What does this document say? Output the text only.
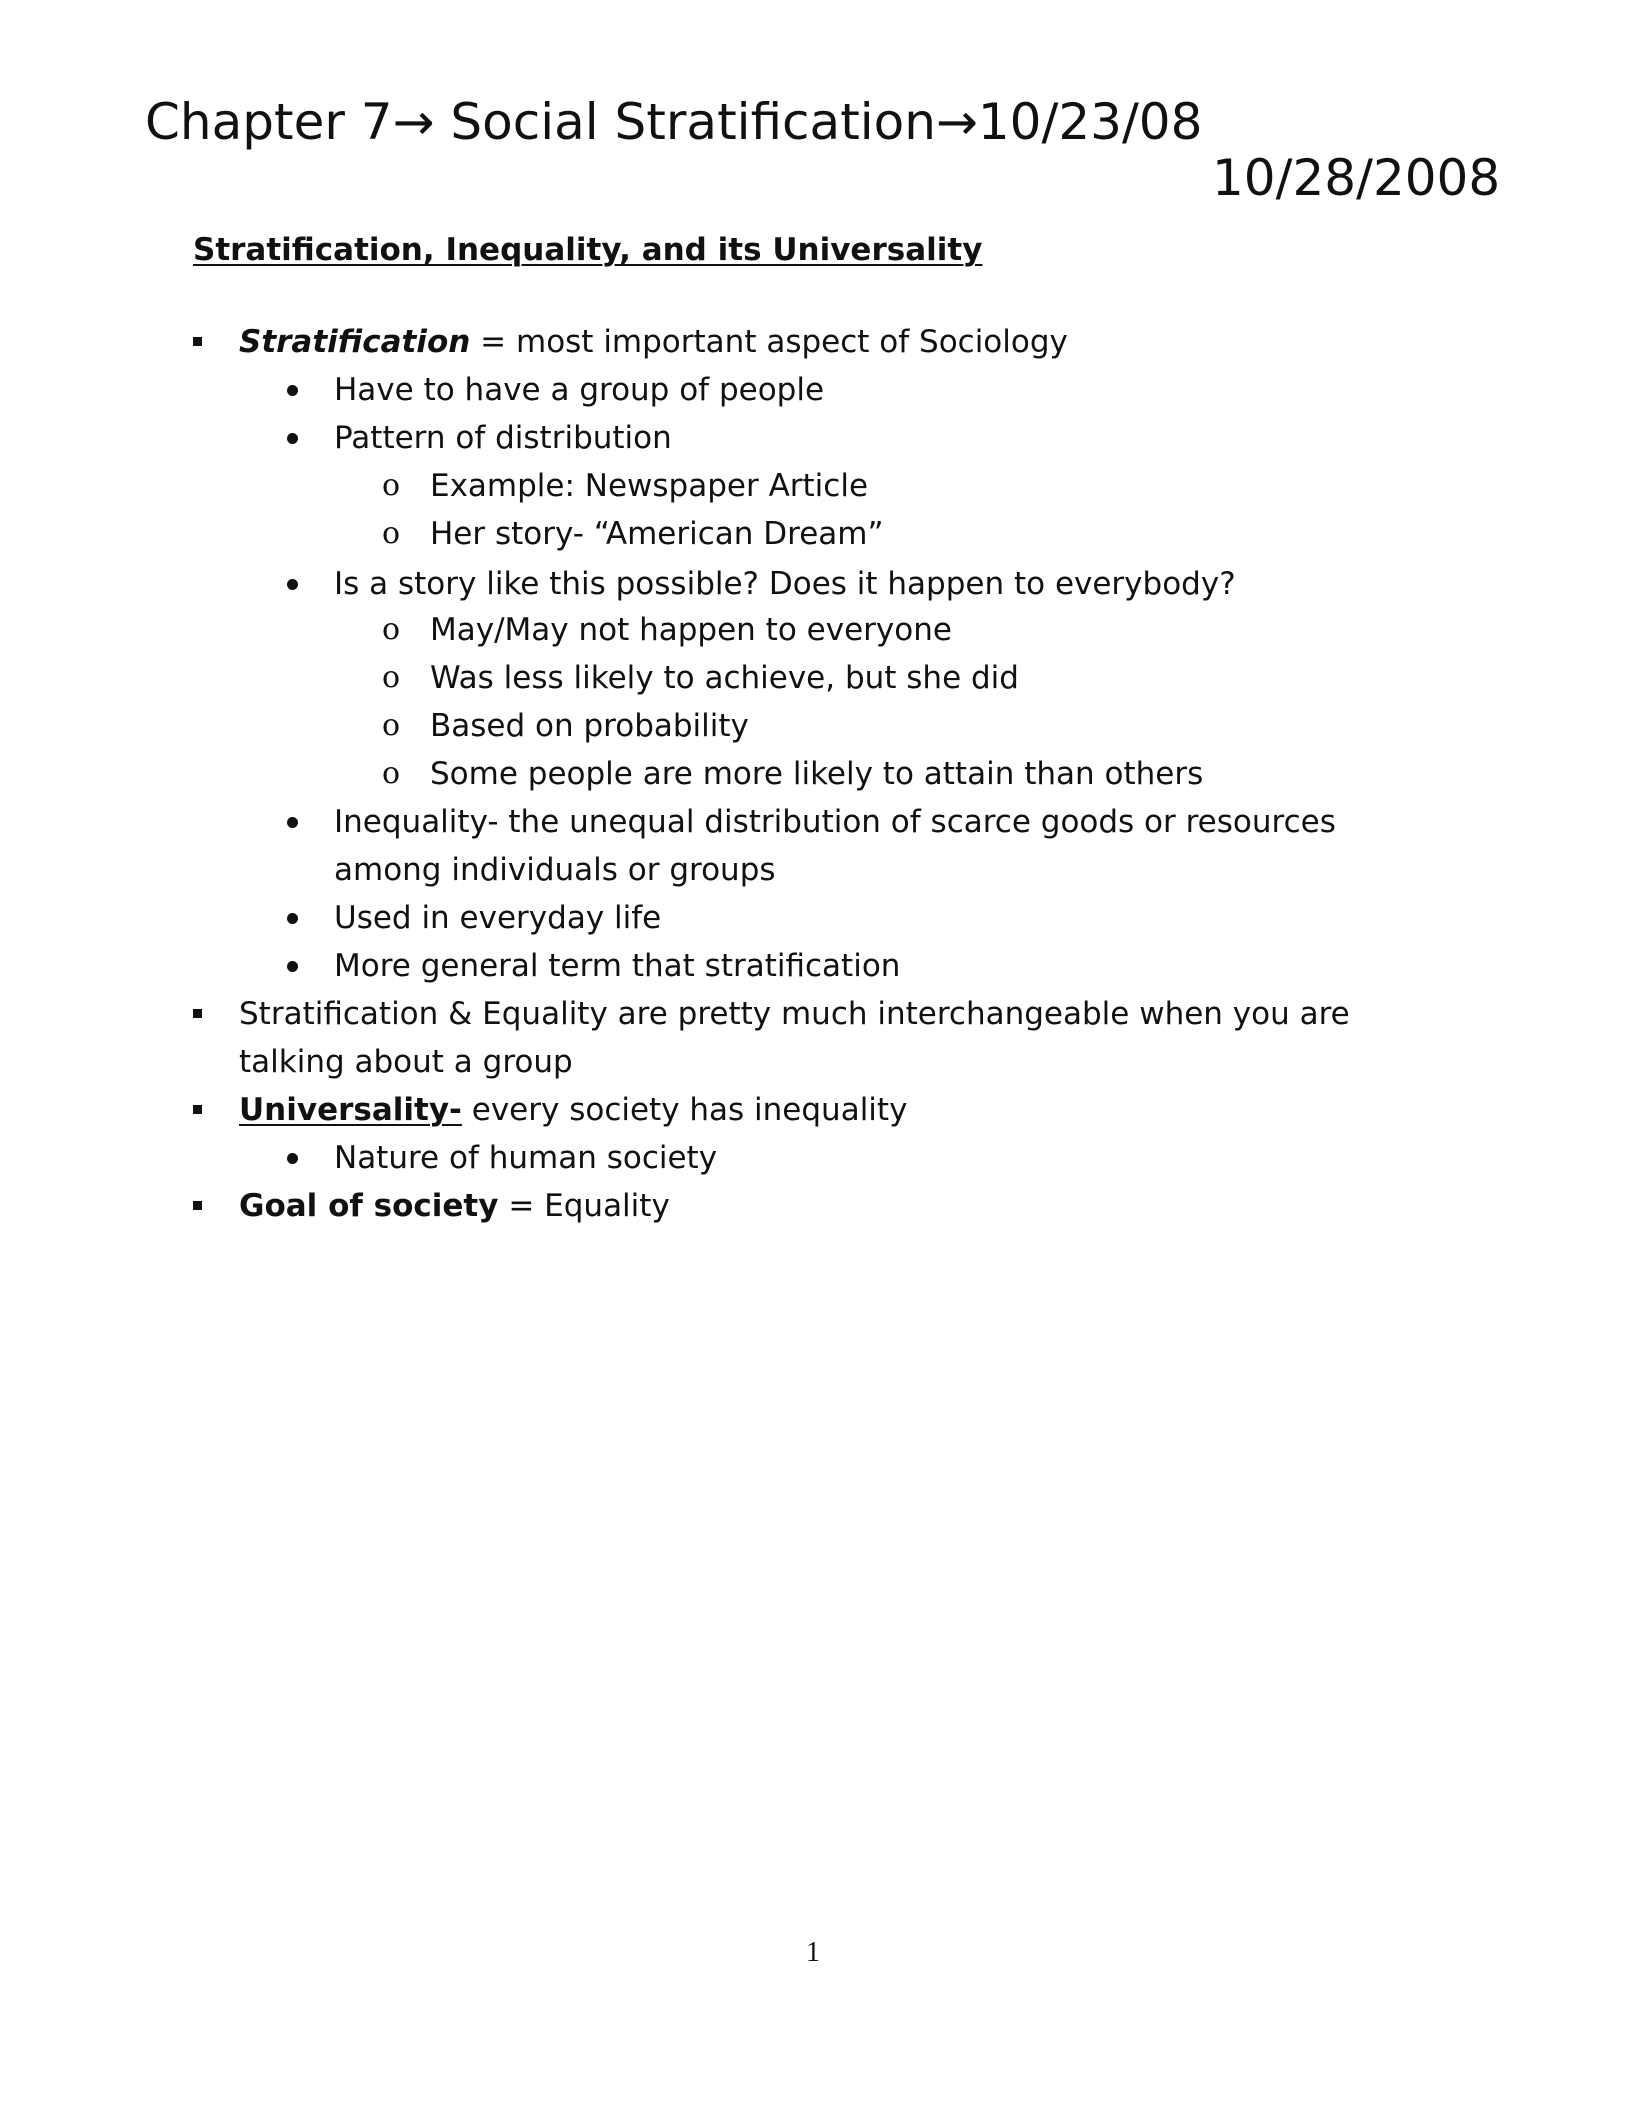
Chapter 7→ Social Stratification→10/23/08
10/28/2008
Stratification, Inequality, and its Universality
Stratification = most important aspect of Sociology
Have to have a group of people
Pattern of distribution
o Example: Newspaper Article
o Her story- “American Dream”
Is a story like this possible? Does it happen to everybody?
o May/May not happen to everyone
o Was less likely to achieve, but she did
o Based on probability
o Some people are more likely to attain than others
Inequality- the unequal distribution of scarce goods or resources
among individuals or groups
Used in everyday life
More general term that stratification
Stratification & Equality are pretty much interchangeable when you are
talking about a group
Universality- every society has inequality
Nature of human society
Goal of society = Equality
1
